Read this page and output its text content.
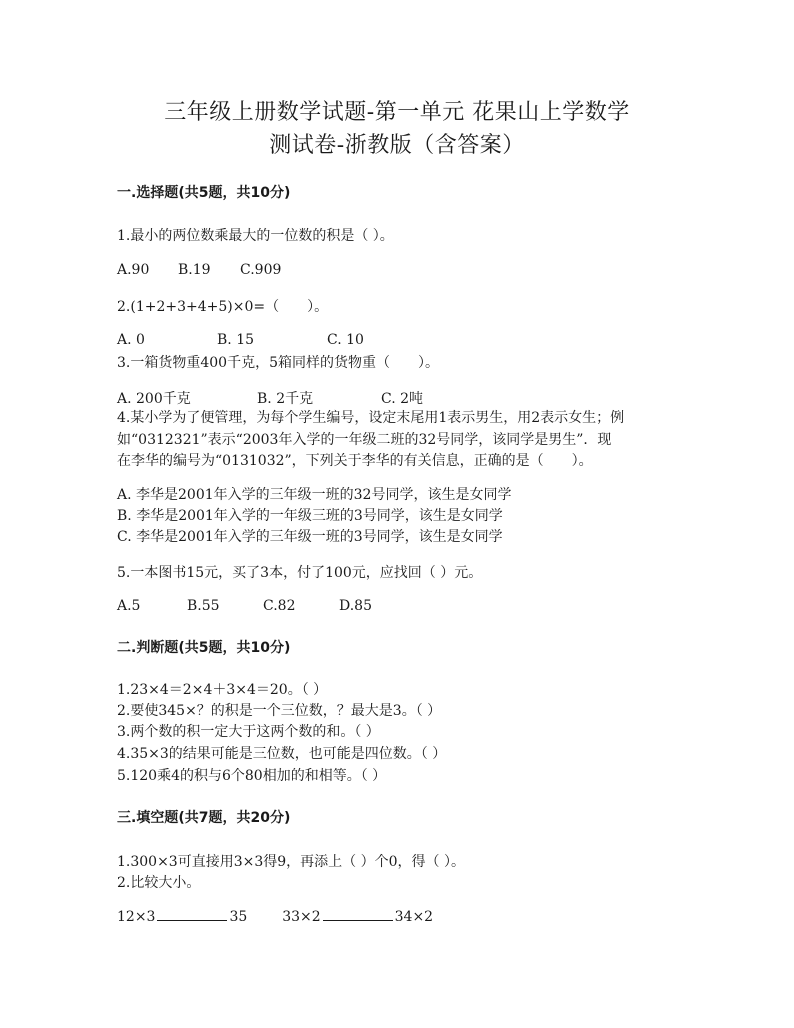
三年级上册数学试题-第一单元 花果山上学数学
测试卷-浙教版（含答案）
一.选择题(共5题，共10分)
1.最小的两位数乘最大的一位数的积是（ ）。
A.90 B.19 C.909
2.(1+2+3+4+5)×0=（　　）。
A. 0	B. 15	C. 10
3.一箱货物重400千克，5箱同样的货物重（　　）。
A. 200千克	B. 2千克	C. 2吨
4.某小学为了便管理，为每个学生编号，设定末尾用1表示男生，用2表示女生；例
如“0312321”表示“2003年入学的一年级二班的32号同学，该同学是男生”．现
在李华的编号为“0131032”，下列关于李华的有关信息，正确的是（　　）。
A. 李华是2001年入学的三年级一班的32号同学，该生是女同学
B. 李华是2001年入学的一年级三班的3号同学，该生是女同学
C. 李华是2001年入学的三年级一班的3号同学，该生是女同学
5.一本图书15元，买了3本，付了100元，应找回（ ）元。
A.5	B.55	C.82	D.85
二.判断题(共5题，共10分)
1.23×4＝2×4＋3×4＝20。（ ）
2.要使345×？的积是一个三位数，？最大是3。（ ）
3.两个数的积一定大于这两个数的和。（ ）
4.35×3的结果可能是三位数，也可能是四位数。（ ）
5.120乘4的积与6个80相加的和相等。（ ）
三.填空题(共7题，共20分)
1.300×3可直接用3×3得9，再添上（ ）个0，得（ ）。
2.比较大小。
12×3	35 33×2	34×2
